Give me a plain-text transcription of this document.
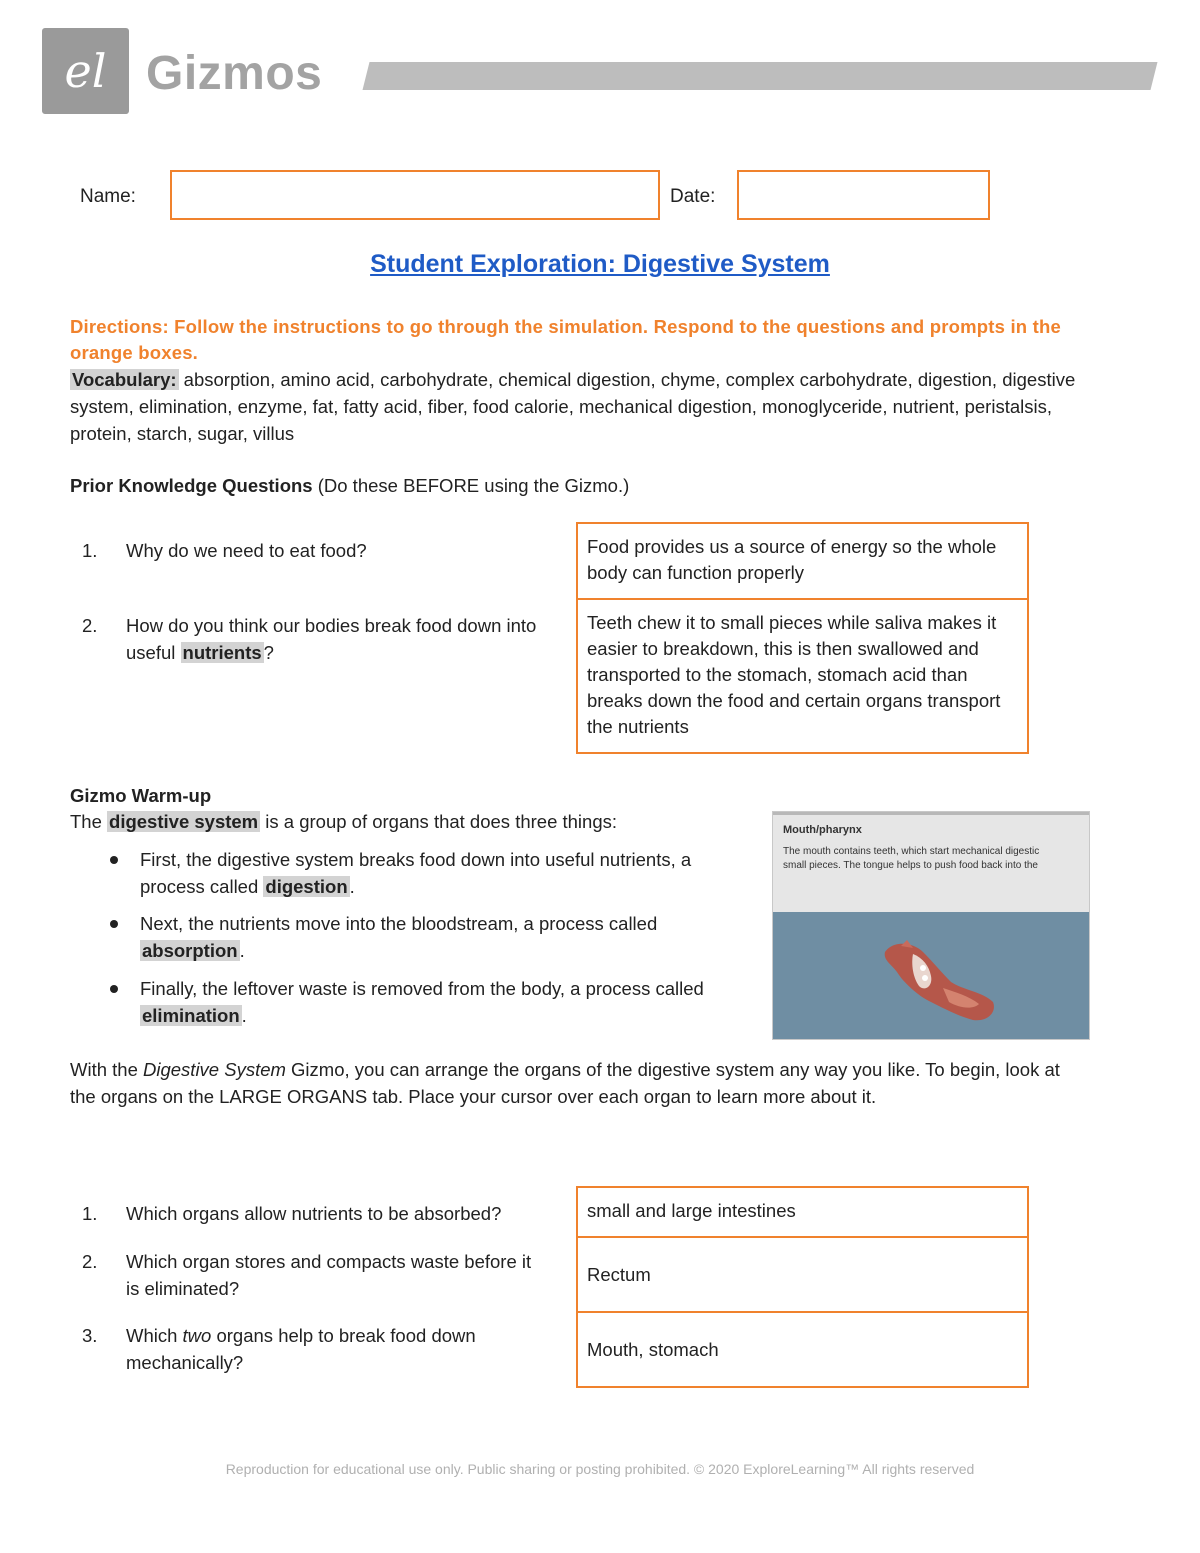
el Gizmos
Name:	Date:
Student Exploration: Digestive System
Directions: Follow the instructions to go through the simulation. Respond to the questions and prompts in the orange boxes.
Vocabulary: absorption, amino acid, carbohydrate, chemical digestion, chyme, complex carbohydrate, digestion, digestive system, elimination, enzyme, fat, fatty acid, fiber, food calorie, mechanical digestion, monoglyceride, nutrient, peristalsis, protein, starch, sugar, villus
Prior Knowledge Questions (Do these BEFORE using the Gizmo.)
1.	Why do we need to eat food?	Food provides us a source of energy so the whole body can function properly
2.	How do you think our bodies break food down into useful nutrients ?
Teeth chew it to small pieces while saliva makes it easier to breakdown, this is then swallowed and transported to the stomach, stomach acid than breaks down the food and certain organs transport the nutrients
Gizmo Warm-up
The digestive system is a group of organs that does three things:
First, the digestive system breaks food down into useful nutrients, a process called digestion .
Next, the nutrients move into the bloodstream, a process called absorption .
Finally, the leftover waste is removed from the body, a process called elimination .
Mouth/pharynx
The mouth contains teeth, which start mechanical digestic
small pieces. The tongue helps to push food back into the
With the Digestive System Gizmo, you can arrange the organs of the digestive system any way you like. To begin, look at the organs on the LARGE ORGANS tab. Place your cursor over each organ to learn more about it.
1.	Which organs allow nutrients to be absorbed?	small and large intestines
2.	Which organ stores and compacts waste before it is eliminated?
Rectum
3.	Which two organs help to break food down mechanically?
Mouth, stomach
Reproduction for educational use only. Public sharing or posting prohibited. © 2020 ExploreLearning™ All rights reserved
